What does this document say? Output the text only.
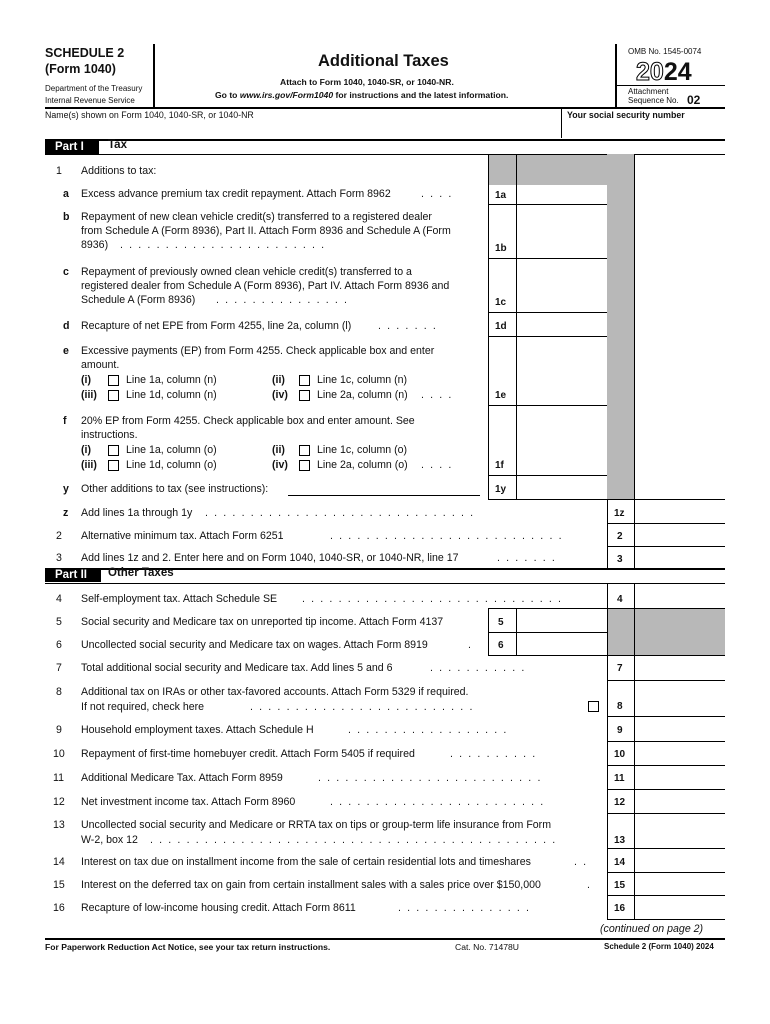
SCHEDULE 2
(Form 1040)
Department of the Treasury
Internal Revenue Service
Additional Taxes
Attach to Form 1040, 1040-SR, or 1040-NR.
Go to www.irs.gov/Form1040 for instructions and the latest information.
OMB No. 1545-0074
2024
Attachment
Sequence No. 02
Name(s) shown on Form 1040, 1040-SR, or 1040-NR	Your social security number
Part I	Tax
1 Additions to tax:
a Excess advance premium tax credit repayment. Attach Form 8962	....	1a
b Repayment of new clean vehicle credit(s) transferred to a registered dealer
from Schedule A (Form 8936), Part II. Attach Form 8936 and Schedule A (Form
8936) .......................	1b
c Repayment of previously owned clean vehicle credit(s) transferred to a
registered dealer from Schedule A (Form 8936), Part IV. Attach Form 8936 and
Schedule A (Form 8936) ...............	1c
d Recapture of net EPE from Form 4255, line 2a, column (l)	.......	1d
e Excessive payments (EP) from Form 4255. Check applicable box and enter
amount.
(i)	Line 1a, column (n)	(ii)	Line 1c, column (n)
(iii)	Line 1d, column (n)	(iv)	Line 2a, column (n) ....	1e
f 20% EP from Form 4255. Check applicable box and enter amount. See
instructions.
(i)	Line 1a, column (o)	(ii)	Line 1c, column (o)
(iii)	Line 1d, column (o)	(iv)	Line 2a, column (o) ....	1f
y Other additions to tax (see instructions):	1y
z Add lines 1a through 1y ..............................	1z
2 Alternative minimum tax. Attach Form 6251	..........................	2
3 Add lines 1z and 2. Enter here and on Form 1040, 1040-SR, or 1040-NR, line 17	.......	3
Part II	Other Taxes
4 Self-employment tax. Attach Schedule SE .............................	4
5 Social security and Medicare tax on unreported tip income. Attach Form 4137	5
6 Uncollected social security and Medicare tax on wages. Attach Form 8919	. 6
7 Total additional social security and Medicare tax. Add lines 5 and 6	...........	7
8 Additional tax on IRAs or other tax-favored accounts. Attach Form 5329 if required.
If not required, check here	.........................	8
9 Household employment taxes. Attach Schedule H	..................	9
10 Repayment of first-time homebuyer credit. Attach Form 5405 if required	..........	10
11 Additional Medicare Tax. Attach Form 8959	.........................	11
12 Net investment income tax. Attach Form 8960	........................	12
13 Uncollected social security and Medicare or RRTA tax on tips or group-term life insurance from Form
W-2, box 12 .............................................	13
14 Interest on tax due on installment income from the sale of certain residential lots and timeshares	.. 14
15 Interest on the deferred tax on gain from certain installment sales with a sales price over $150,000	. 15
16 Recapture of low-income housing credit. Attach Form 8611	...............	16
(continued on page 2)
For Paperwork Reduction Act Notice, see your tax return instructions.	Cat. No. 71478U	Schedule 2 (Form 1040) 2024
